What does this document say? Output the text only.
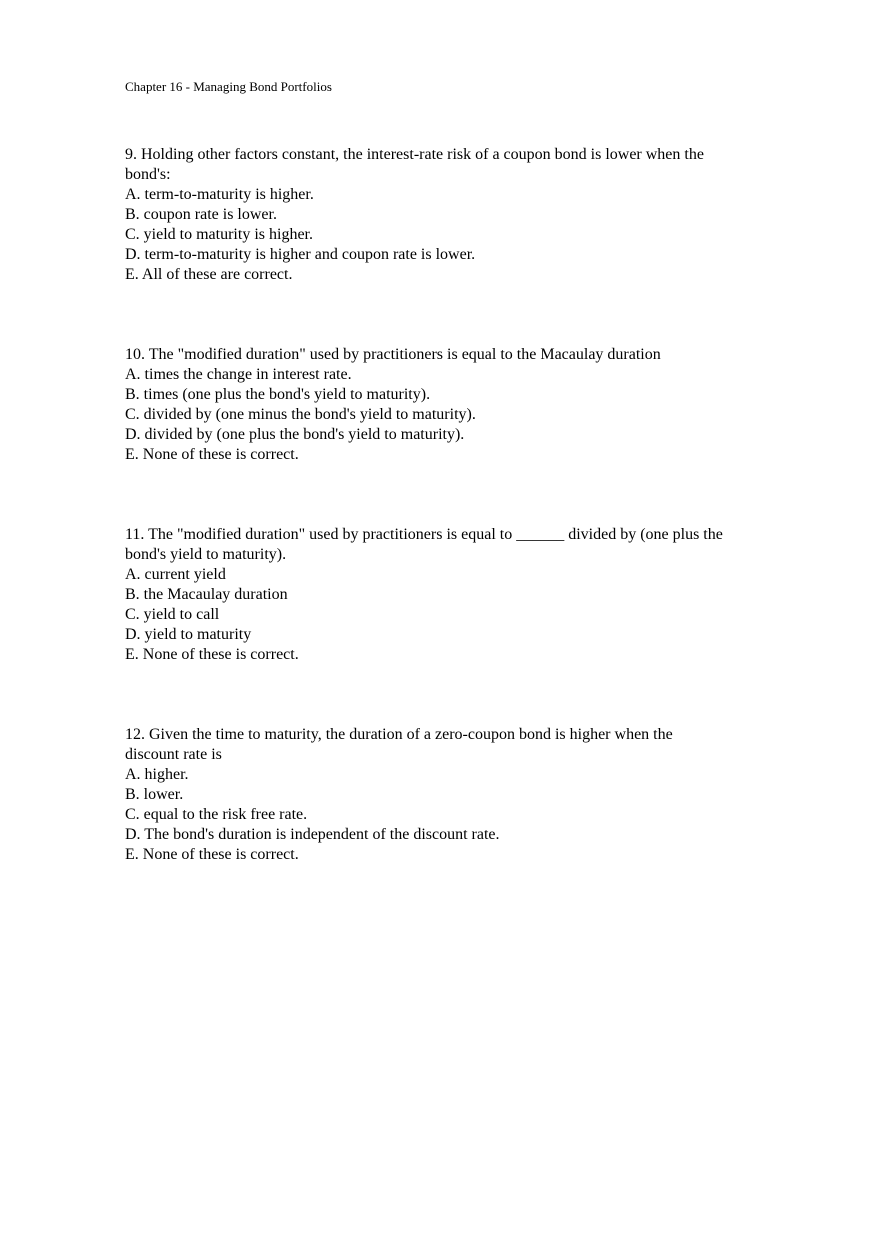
Chapter 16 - Managing Bond Portfolios
9. Holding other factors constant, the interest-rate risk of a coupon bond is lower when the
bond's:
A. term-to-maturity is higher.
B. coupon rate is lower.
C. yield to maturity is higher.
D. term-to-maturity is higher and coupon rate is lower.
E. All of these are correct.
10. The "modified duration" used by practitioners is equal to the Macaulay duration
A. times the change in interest rate.
B. times (one plus the bond's yield to maturity).
C. divided by (one minus the bond's yield to maturity).
D. divided by (one plus the bond's yield to maturity).
E. None of these is correct.
11. The "modified duration" used by practitioners is equal to ______ divided by (one plus the
bond's yield to maturity).
A. current yield
B. the Macaulay duration
C. yield to call
D. yield to maturity
E. None of these is correct.
12. Given the time to maturity, the duration of a zero-coupon bond is higher when the
discount rate is
A. higher.
B. lower.
C. equal to the risk free rate.
D. The bond's duration is independent of the discount rate.
E. None of these is correct.
